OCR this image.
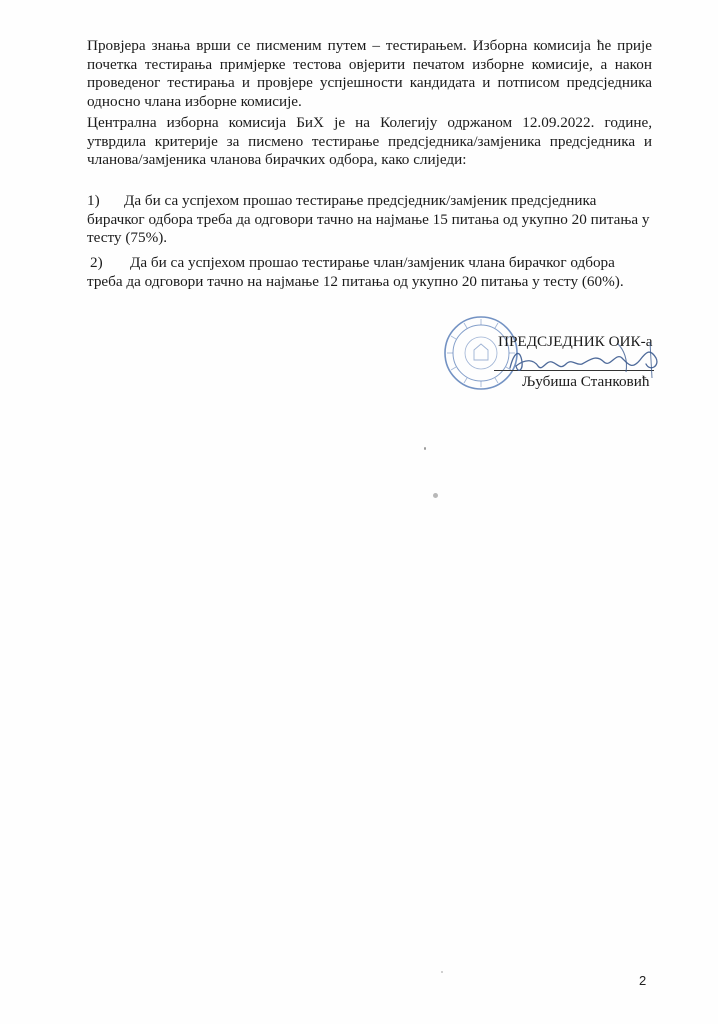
Провјера знања врши се писменим путем – тестирањем. Изборна комисија ће прије почетка тестирања примјерке тестова овјерити печатом изборне комисије, а након проведеног тестирања и провјере успјешности кандидата и потписом предсједника односно члана изборне комисије.
Централна изборна комисија БиХ је на Колегију одржаном 12.09.2022. године, утврдила критерије за писмено тестирање предсједника/замјеника предсједника и чланова/замјеника чланова бирачких одбора, како слиједи:
1) Да би са успјехом прошао тестирање предсједник/замјеник предсједника бирачког одбора треба да одговори тачно на најмање 15 питања од укупно 20 питања у тесту (75%).
2) Да би са успјехом прошао тестирање члан/замјеник члана бирачког одбора треба да одговори тачно на најмање 12 питања од укупно 20 питања у тесту (60%).
ПРЕДСЈЕДНИК ОИК-а
Љубиша Станковић
2
